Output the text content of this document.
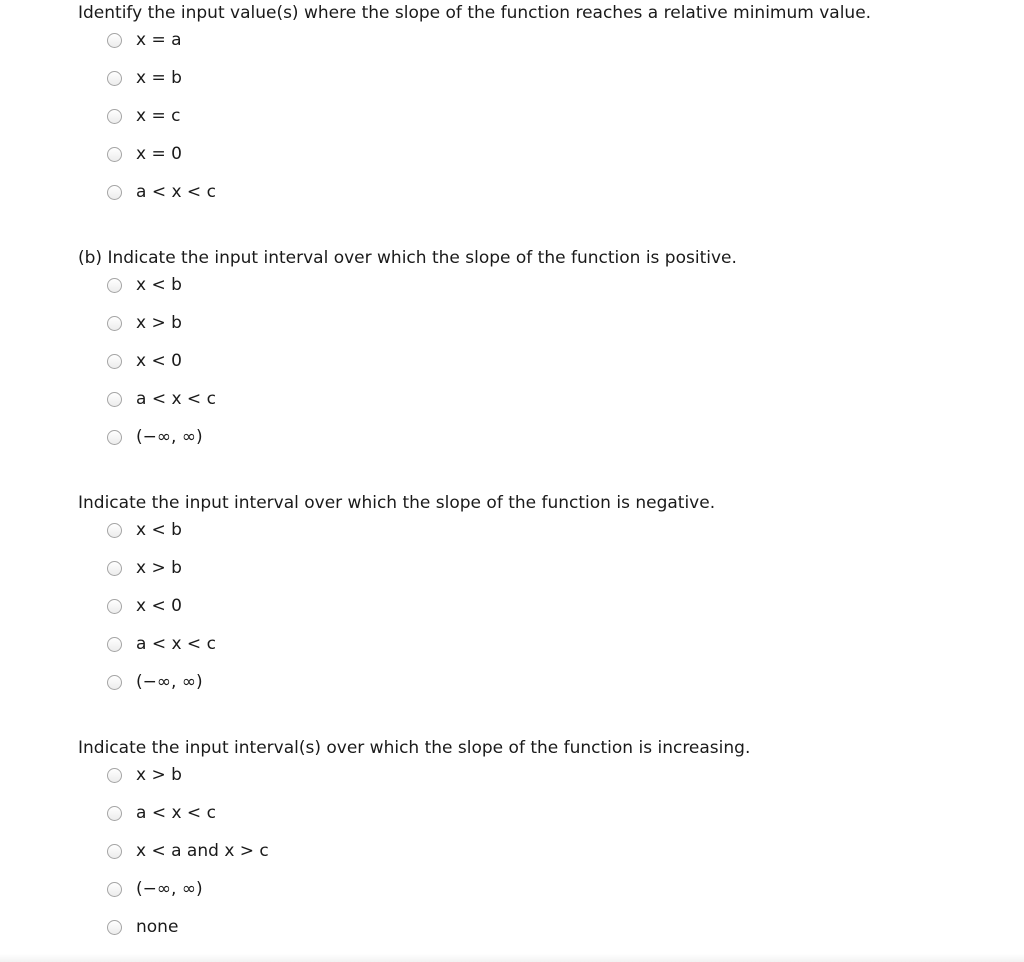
Identify the input value(s) where the slope of the function reaches a relative minimum value.

x = a
x = b
x = c
x = 0
a < x < c

(b) Indicate the input interval over which the slope of the function is positive.

x < b
x > b
x < 0
a < x < c
(−∞, ∞)

Indicate the input interval over which the slope of the function is negative.

x < b
x > b
x < 0
a < x < c
(−∞, ∞)

Indicate the input interval(s) over which the slope of the function is increasing.

x > b
a < x < c
x < a and x > c
(−∞, ∞)
none
